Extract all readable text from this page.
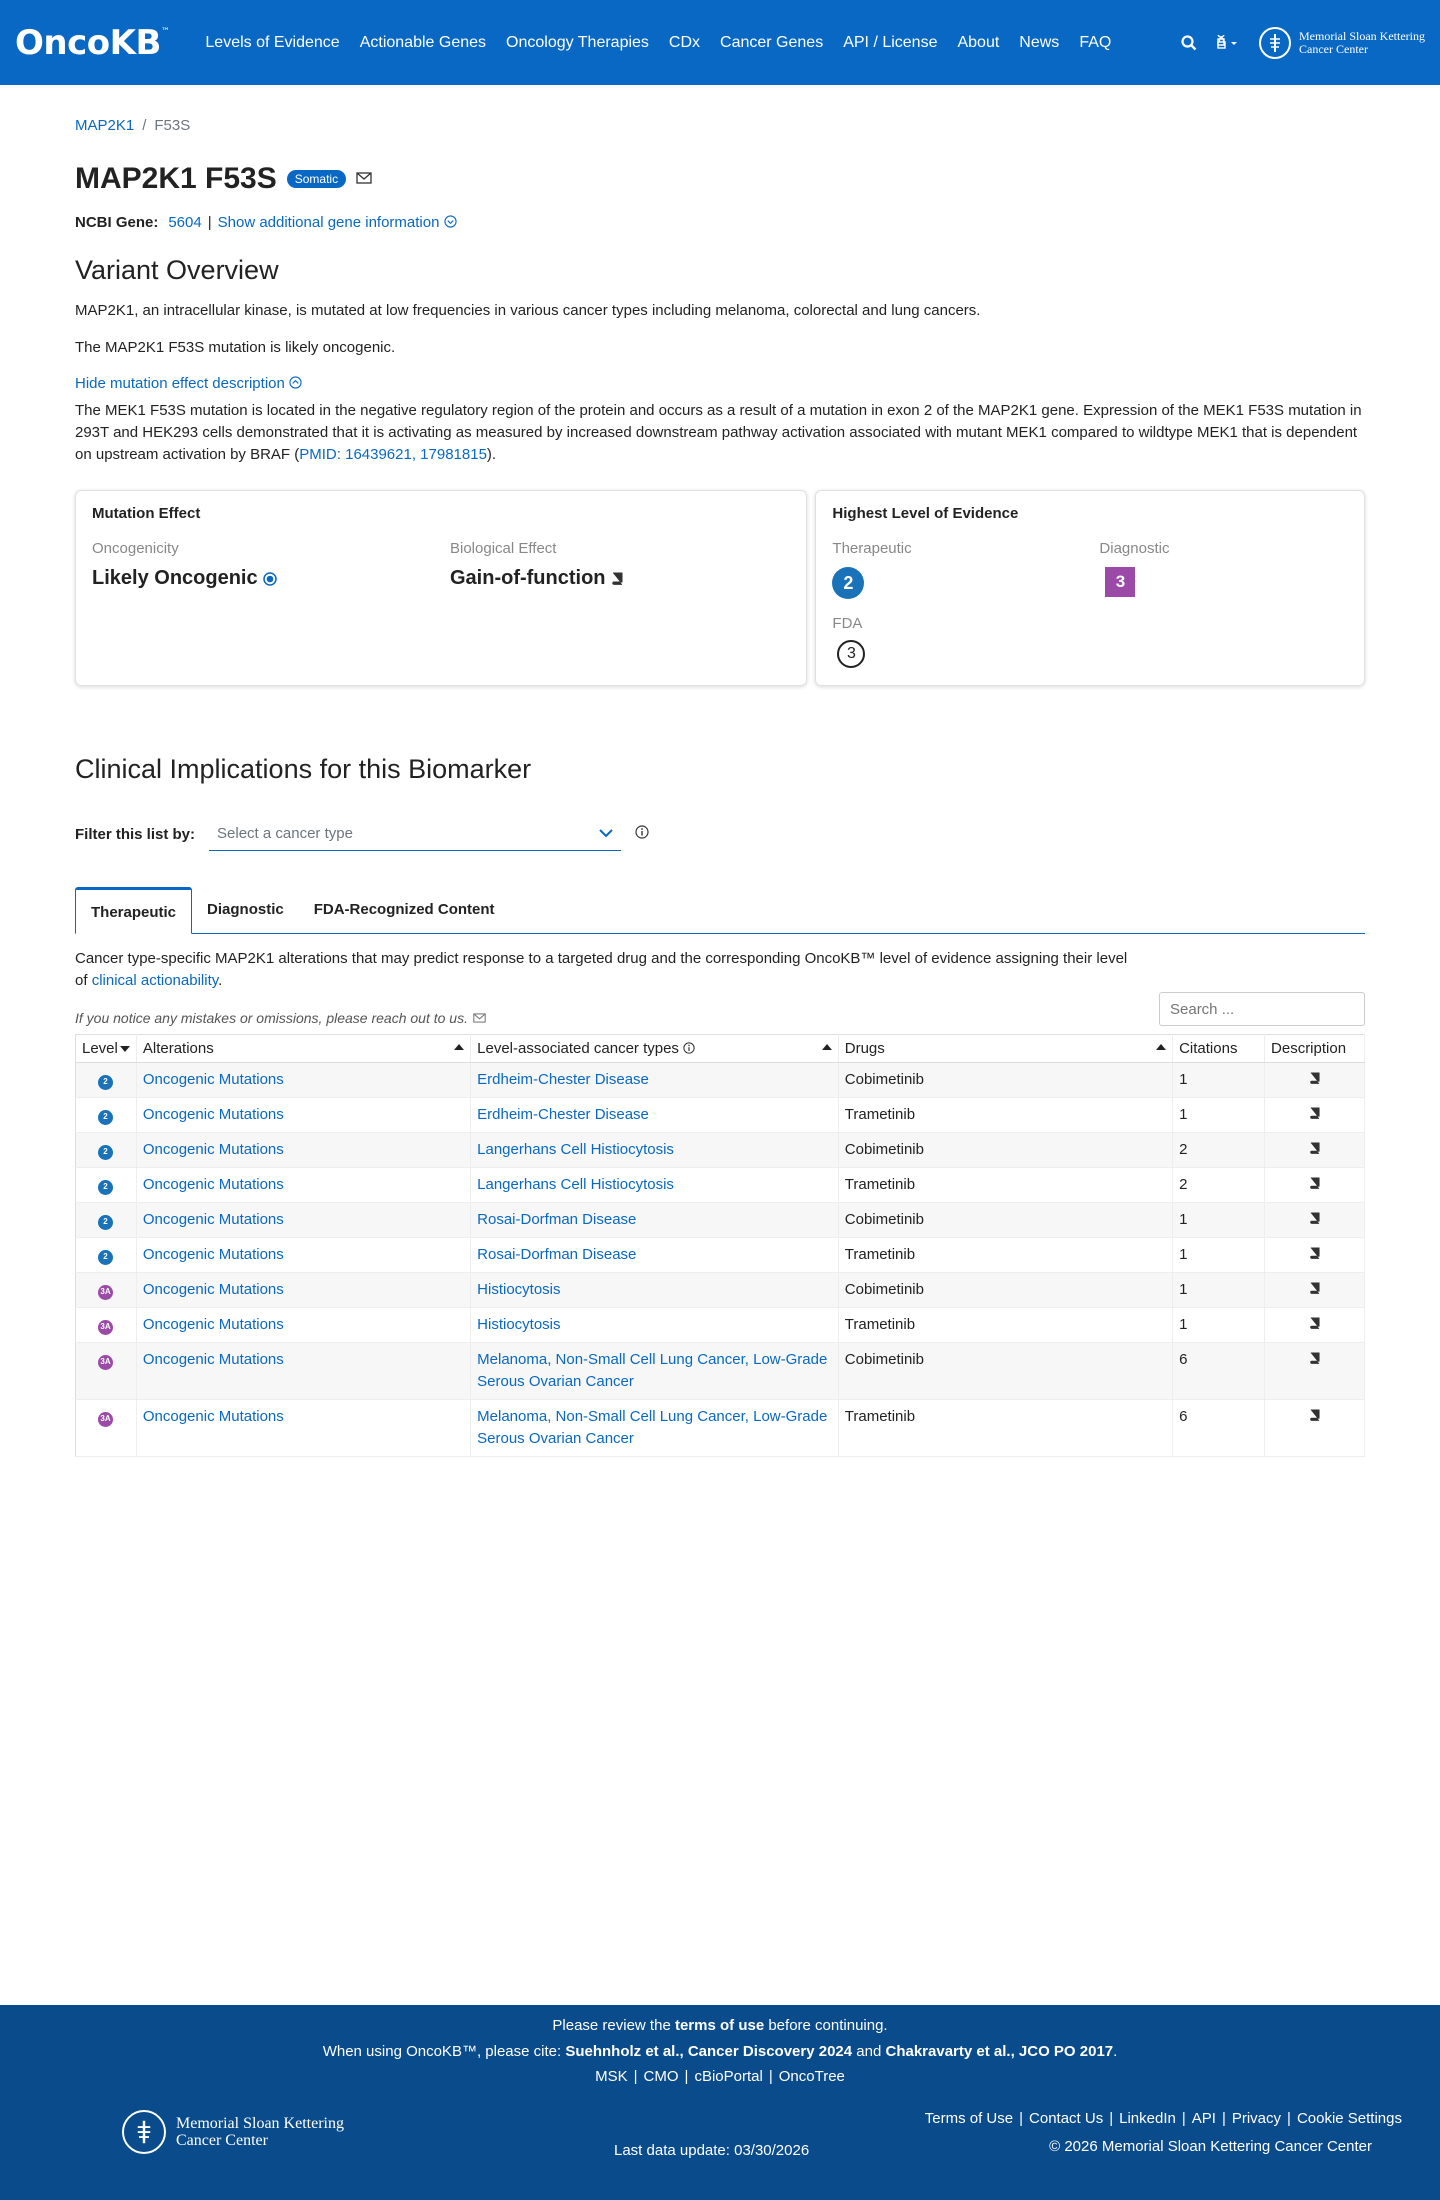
OncoKB™
Levels of Evidence	Actionable Genes	Oncology Therapies	CDx	Cancer Genes	API / License	About	News	FAQ	Memorial Sloan Kettering
Cancer Center
MAP2K1 / F53S
MAP2K1 F53S	Somatic
NCBI Gene: 5604 | Show additional gene information
Variant Overview

MAP2K1, an intracellular kinase, is mutated at low frequencies in various cancer types including melanoma, colorectal and lung cancers.

The MAP2K1 F53S mutation is likely oncogenic.

Hide mutation effect description

The MEK1 F53S mutation is located in the negative regulatory region of the protein and occurs as a result of a mutation in exon 2 of the MAP2K1 gene. Expression of the MEK1 F53S mutation in 293T and HEK293 cells demonstrated that it is activating as measured by increased downstream pathway activation associated with mutant MEK1 compared to wildtype MEK1 that is dependent on upstream activation by BRAF (PMID: 16439621, 17981815).

Mutation Effect
Oncogenicity
Likely Oncogenic
Biological Effect
Gain-of-function
Highest Level of Evidence
Therapeutic
2
Diagnostic
3
FDA
3
Clinical Implications for this Biomarker
Filter this list by: Select a cancer type
Therapeutic	Diagnostic	FDA-Recognized Content

Cancer type-specific MAP2K1 alterations that may predict response to a targeted drug and the corresponding OncoKB™ level of evidence assigning their level of clinical actionability.

If you notice any mistakes or omissions, please reach out to us.
Search ...
Level	Alterations	Level-associated cancer types	Drugs	Citations	Description
2	Oncogenic Mutations	Erdheim-Chester Disease	Cobimetinib	1	
2	Oncogenic Mutations	Erdheim-Chester Disease	Trametinib	1	
2	Oncogenic Mutations	Langerhans Cell Histiocytosis	Cobimetinib	2	
2	Oncogenic Mutations	Langerhans Cell Histiocytosis	Trametinib	2	
2	Oncogenic Mutations	Rosai-Dorfman Disease	Cobimetinib	1	
2	Oncogenic Mutations	Rosai-Dorfman Disease	Trametinib	1	
3A	Oncogenic Mutations	Histiocytosis	Cobimetinib	1	
3A	Oncogenic Mutations	Histiocytosis	Trametinib	1	
3A	Oncogenic Mutations	Melanoma, Non-Small Cell Lung Cancer, Low-Grade Serous Ovarian Cancer	Cobimetinib	6	
3A	Oncogenic Mutations	Melanoma, Non-Small Cell Lung Cancer, Low-Grade Serous Ovarian Cancer	Trametinib	6	
Please review the terms of use before continuing.
When using OncoKB™, please cite: Suehnholz et al., Cancer Discovery 2024 and Chakravarty et al., JCO PO 2017.
MSK | CMO | cBioPortal | OncoTree
Memorial Sloan Kettering
Cancer Center
Last data update: 03/30/2026
Terms of Use | Contact Us | LinkedIn | API | Privacy | Cookie Settings
© 2026 Memorial Sloan Kettering Cancer Center
